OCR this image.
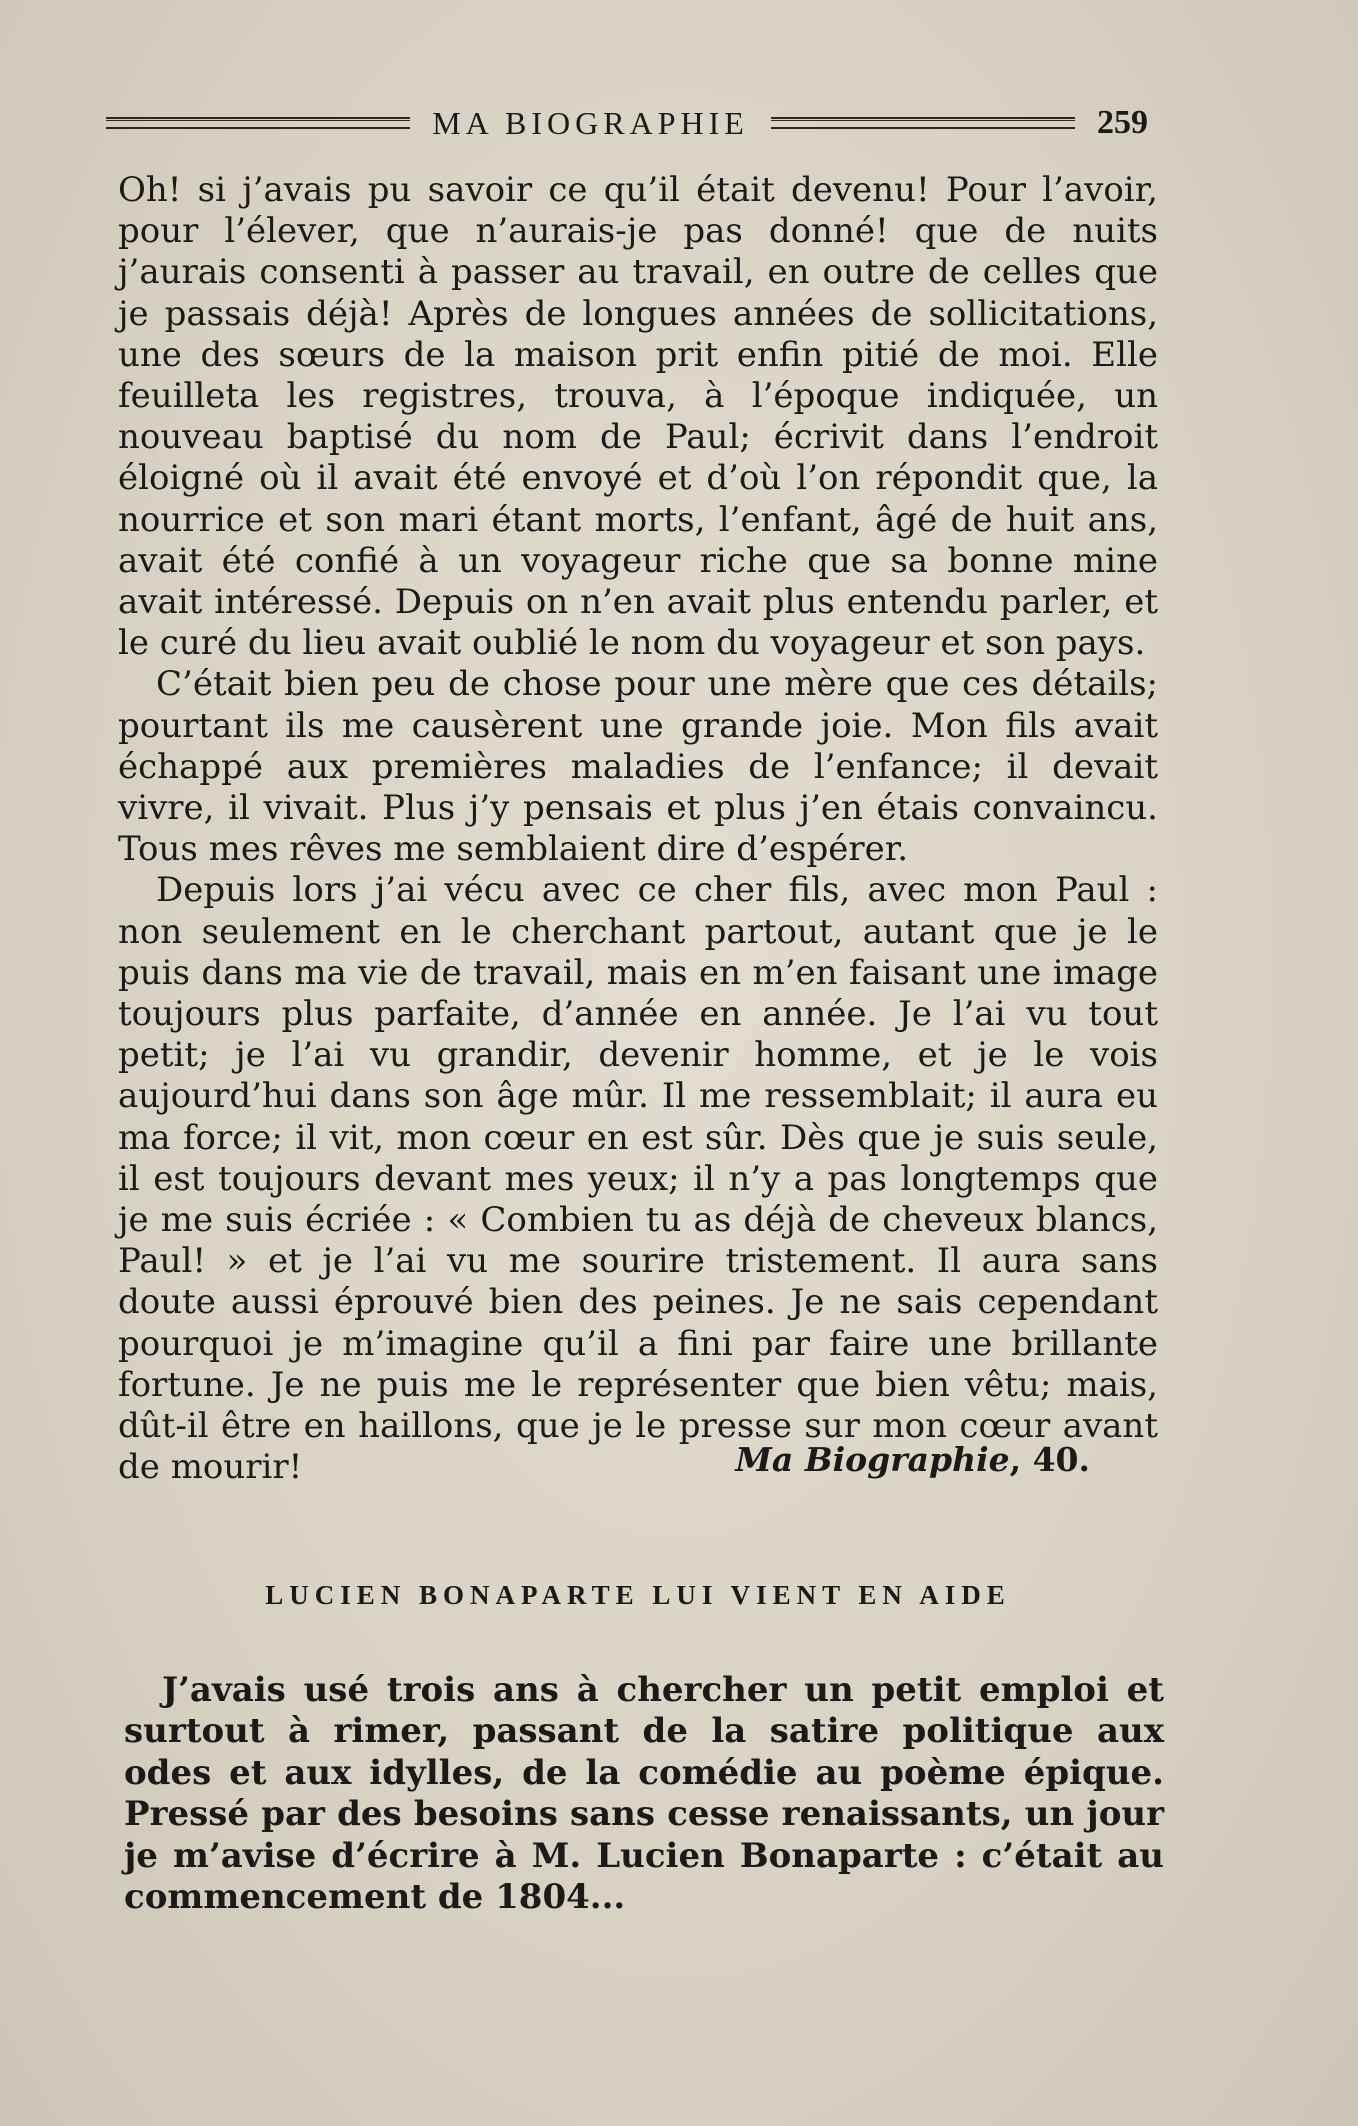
MA BIOGRAPHIE	259

Oh! si j’avais pu savoir ce qu’il était devenu! Pour l’avoir, pour l’élever, que n’aurais-je pas donné! que de nuits j’aurais consenti à passer au travail, en outre de celles que je passais déjà! Après de longues années de sollicitations, une des sœurs de la maison prit enfin pitié de moi. Elle feuilleta les registres, trouva, à l’époque indiquée, un nouveau baptisé du nom de Paul; écrivit dans l’endroit éloigné où il avait été envoyé et d’où l’on répondit que, la nourrice et son mari étant morts, l’enfant, âgé de huit ans, avait été confié à un voyageur riche que sa bonne mine avait intéressé. Depuis on n’en avait plus entendu parler, et le curé du lieu avait oublié le nom du voyageur et son pays.

C’était bien peu de chose pour une mère que ces détails; pourtant ils me causèrent une grande joie. Mon fils avait échappé aux premières maladies de l’enfance; il devait vivre, il vivait. Plus j’y pensais et plus j’en étais convaincu. Tous mes rêves me semblaient dire d’espérer.

Depuis lors j’ai vécu avec ce cher fils, avec mon Paul : non seulement en le cherchant partout, autant que je le puis dans ma vie de travail, mais en m’en faisant une image toujours plus parfaite, d’année en année. Je l’ai vu tout petit; je l’ai vu grandir, devenir homme, et je le vois aujourd’hui dans son âge mûr. Il me ressemblait; il aura eu ma force; il vit, mon cœur en est sûr. Dès que je suis seule, il est toujours devant mes yeux; il n’y a pas longtemps que je me suis écriée : « Combien tu as déjà de cheveux blancs, Paul! » et je l’ai vu me sourire tristement. Il aura sans doute aussi éprouvé bien des peines. Je ne sais cependant pourquoi je m’imagine qu’il a fini par faire une brillante fortune. Je ne puis me le représenter que bien vêtu; mais, dût-il être en haillons, que je le presse sur mon cœur avant de mourir!	Ma Biographie, 40.
LUCIEN BONAPARTE LUI VIENT EN AIDE

J’avais usé trois ans à chercher un petit emploi et surtout à rimer, passant de la satire politique aux odes et aux idylles, de la comédie au poème épique. Pressé par des besoins sans cesse renaissants, un jour je m’avise d’écrire à M. Lucien Bonaparte : c’était au commencement de 1804...
